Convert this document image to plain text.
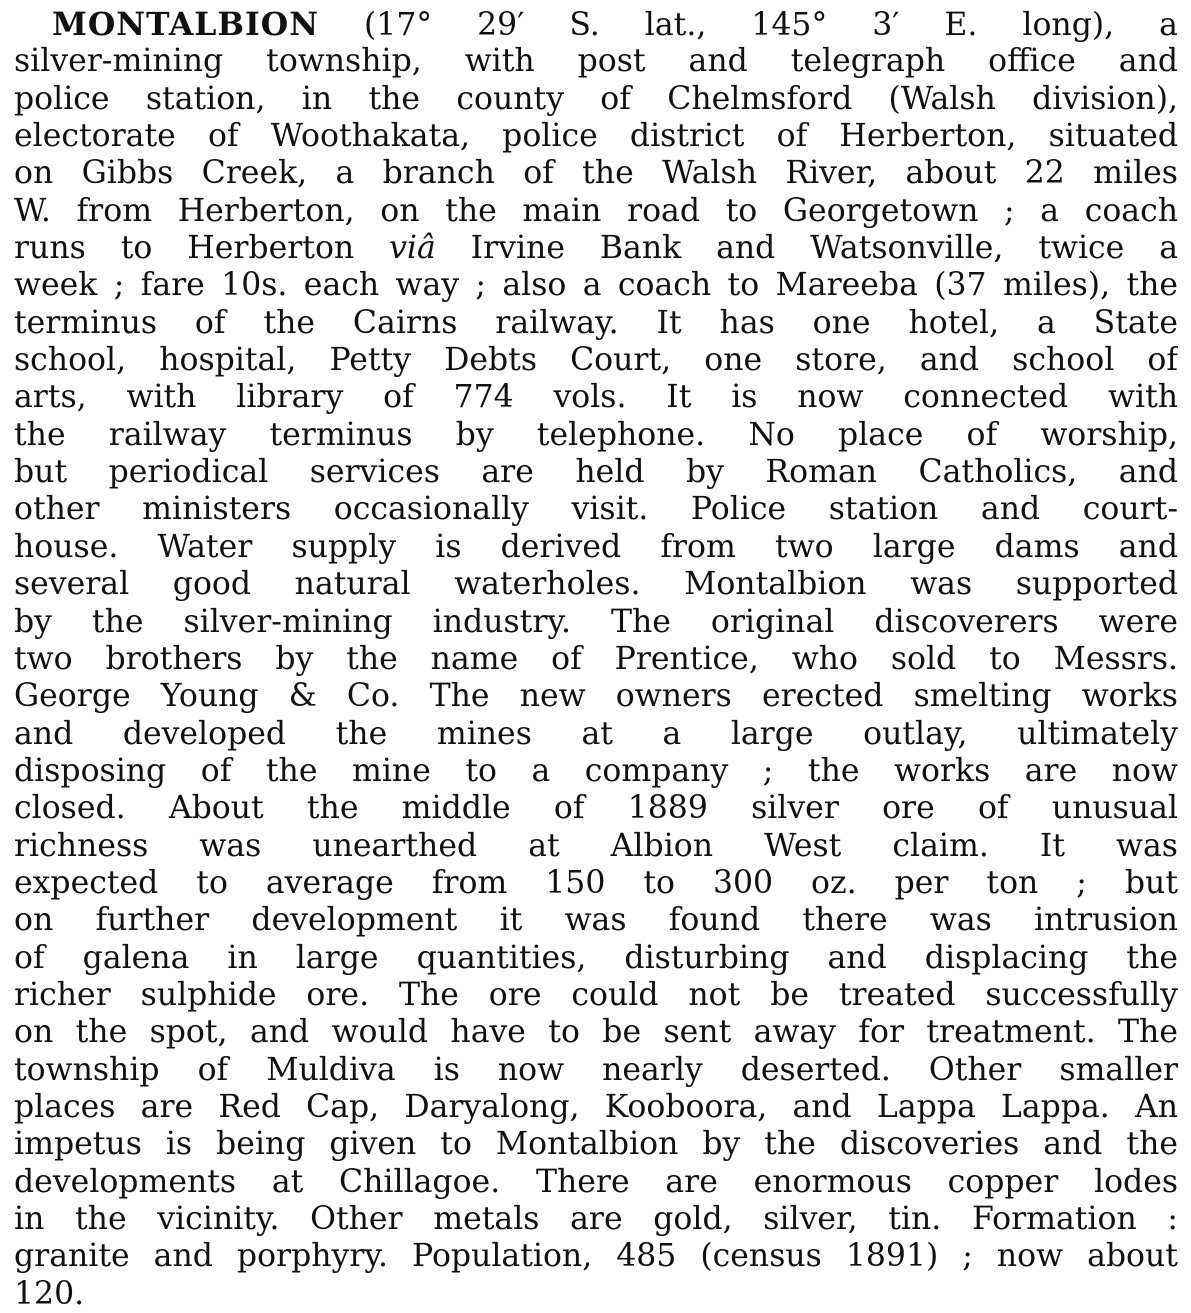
MONTALBION (17° 29′ S. lat., 145° 3′ E. long), a
silver-mining township, with post and telegraph office and
police station, in the county of Chelmsford (Walsh division),
electorate of Woothakata, police district of Herberton, situated
on Gibbs Creek, a branch of the Walsh River, about 22 miles
W. from Herberton, on the main road to Georgetown ; a coach
runs to Herberton viâ Irvine Bank and Watsonville, twice a
week ; fare 10s. each way ; also a coach to Mareeba (37 miles), the
terminus of the Cairns railway. It has one hotel, a State
school, hospital, Petty Debts Court, one store, and school of
arts, with library of 774 vols. It is now connected with
the railway terminus by telephone. No place of worship,
but periodical services are held by Roman Catholics, and
other ministers occasionally visit. Police station and court-
house. Water supply is derived from two large dams and
several good natural waterholes. Montalbion was supported
by the silver-mining industry. The original discoverers were
two brothers by the name of Prentice, who sold to Messrs.
George Young & Co. The new owners erected smelting works
and developed the mines at a large outlay, ultimately
disposing of the mine to a company ; the works are now
closed. About the middle of 1889 silver ore of unusual
richness was unearthed at Albion West claim. It was
expected to average from 150 to 300 oz. per ton ; but
on further development it was found there was intrusion
of galena in large quantities, disturbing and displacing the
richer sulphide ore. The ore could not be treated successfully
on the spot, and would have to be sent away for treatment. The
township of Muldiva is now nearly deserted. Other smaller
places are Red Cap, Daryalong, Kooboora, and Lappa Lappa. An
impetus is being given to Montalbion by the discoveries and the
developments at Chillagoe. There are enormous copper lodes
in the vicinity. Other metals are gold, silver, tin. Formation :
granite and porphyry. Population, 485 (census 1891) ; now about
120.
